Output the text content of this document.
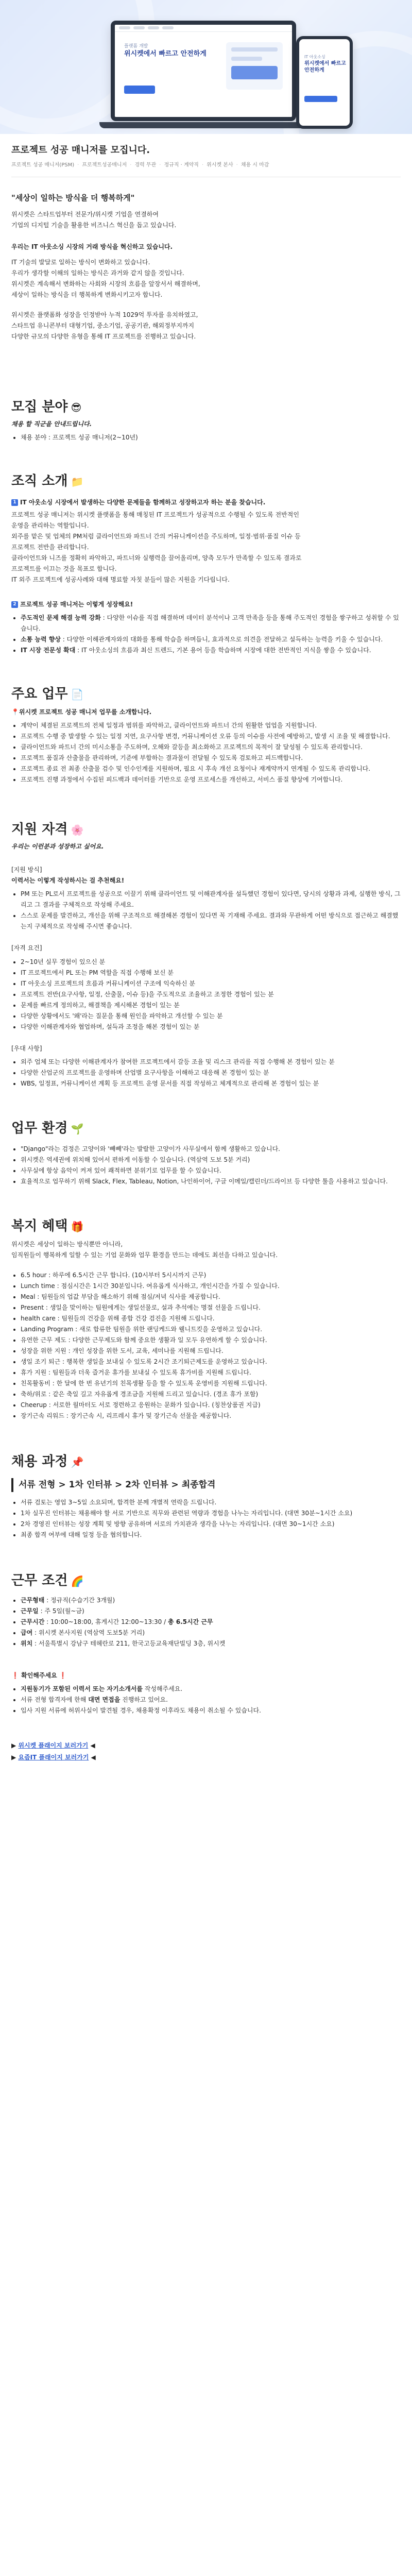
플랫폼 개발
위시켓에서 빠르고 안전하게	IT 아웃소싱
위시켓에서 빠르고 안전하게
프로젝트 성공 매니저를 모집니다.
프로젝트 성공 매니저(PSM) · 프로젝트성공매니저 · 경력 무관 · 정규직 · 계약직 · 위시켓 본사 · 채용 시 마감
"세상이 일하는 방식을 더 행복하게"
위시켓은 스타트업부터 전문가/위시캣 기업을 연결하여
기업의 디지털 기술을 활용한 비즈니스 혁신을 돕고 있습니다.

우리는 IT 아웃소싱 시장의 거래 방식을 혁신하고 있습니다.

IT 기술의 발달로 일하는 방식이 변화하고 있습니다.
우리가 생각할 이해의 일하는 방식은 과거와 같지 않을 것입니다.
위시켓은 계속해서 변화하는 사회와 시장의 흐름을 앞장서서 해결하며,
세상이 일하는 방식을 더 행복하게 변화시키고자 합니다.
위시켓은 플랫폼화 성장을 인정받아 누적 1029억 투자를 유치하였고,
스타트업 유니콘부터 대형기업, 중소기업, 공공기관, 해외정부지까지
다양한 규모의 다양한 유형을 통해 IT 프로젝트를 진행하고 있습니다.
모집 분야 😎
채용 할 직군을 안내드립니다.
• 채용 분야 : 프로젝트 성공 매니저(2~10년)
조직 소개 📁
1 IT 아웃소싱 시장에서 발생하는 다양한 문제들을 함께하고 성장하고자 하는 분을 찾습니다.
프로젝트 성공 매니저는 위시켓 플랫폼을 통해 매칭된 IT 프로젝트가 성공적으로 수행될 수 있도록 전반적인
운영을 관리하는 역할입니다.
외주를 맡은 및 업체의 PM처럼 클라이언트와 파트너 간의 커뮤니케이션을 주도하며, 일정·범위·품질 이슈 등
프로젝트 전반을 관리합니다.
클라이언트와 니즈를 정확히 파악하고, 파트너와 실행력을 끌어올리며, 양측 모두가 만족할 수 있도록 결과로
프로젝트를 이끄는 것을 목표로 합니다.
IT 외주 프로젝트에 성공사례와 대해 명료할 자칫 분들이 많은 지원을 기다립니다.
2 프로젝트 성공 매니저는 이렇게 성장해요!
• 주도적인 문제 해결 능력 강화 : 다양한 이슈를 직접 해결하며 데이터 분석이나 고객 만족을 등을 통해 주도적인 경험을 쌓구하고 성취할 수 있습니다.
• 소통 능력 향상 : 다양한 이해관계자와의 대화를 통해 학습을 하며듭니, 효과적으로 의견을 전달하고 설득하는 능력을 키울 수 있습니다.
• IT 시장 전문성 확대 : IT 아웃소싱의 흐름과 최신 트렌드, 기본 용어 등을 학습하며 시장에 대한 전반적인 지식을 쌓을 수 있습니다.
주요 업무 📄
📍위시켓 프로젝트 성공 매니저 업무를 소개합니다.
• 계약이 체결된 프로젝트의 전체 일정과 범위를 파악하고, 클라이언트와 파트너 간의 원활한 업업을 지원합니다.
• 프로젝트 수행 중 발생할 수 있는 일정 지연, 요구사항 변경, 커뮤니케이션 오류 등의 이슈를 사전에 예방하고, 발생 시 조율 및 해결합니다.
• 클라이언트와 파트너 간의 미시소통을 주도하며, 오해와 갈등을 최소화하고 프로젝트의 목적이 잘 달성될 수 있도록 관리합니다.
• 프로젝트 품질과 산출물을 관리하며, 기준에 부합하는 결과물이 전달될 수 있도록 검토하고 피드백합니다.
• 프로젝트 종료 전 최종 산출물 검수 및 인수인계를 지원하며, 필요 시 후속 개선 요청이나 재계약까지 연계될 수 있도록 관리합니다.
• 프로젝트 진행 과정에서 수집된 피드백과 데이터를 기반으로 운영 프로세스를 개선하고, 서비스 품질 향상에 기여합니다.
지원 자격 🌸
우리는 이런분과 성장하고 싶어요.
[지원 방식]
이력서는 이렇게 작성하시는 걸 추천해요!
• PM 또는 PL로서 프로젝트를 성공으로 이끌기 위해 클라이언트 및 이해관계자를 설득했던 경험이 있다면, 당시의 상황과 과제, 실행한 방식, 그리고 그 결과를 구체적으로 작성해 주세요.
• 스스로 문제를 발견하고, 개선을 위해 구조적으로 해결해본 경험이 있다면 꼭 기재해 주세요. 결과와 무관하게 어떤 방식으로 접근하고 해결했는지 구체적으로 작성해 주시면 좋습니다.
[자격 요건]
• 2~10년 실무 경험이 있으신 분
• IT 프로젝트에서 PL 또는 PM 역할을 직접 수행해 보신 분
• IT 아웃소싱 프로젝트의 흐름과 커뮤니케이션 구조에 익숙하신 분
• 프로젝트 전반(요구사항, 일정, 산출물, 이슈 등)을 주도적으로 조율하고 조정한 경험이 있는 분
• 문제를 빠르게 정의하고, 해결책을 제시해본 경험이 있는 분
• 다양한 상황에서도 '왜'라는 질문을 통해 원인을 파악하고 개선할 수 있는 분
• 다양한 이해관계자와 협업하며, 설득과 조정을 해본 경험이 있는 분
[우대 사항]
• 외주 업체 또는 다양한 이해관계자가 참여한 프로젝트에서 갈등 조율 및 리스크 관리를 직접 수행해 본 경험이 있는 분
• 다양한 산업군의 프로젝트를 운영하며 산업별 요구사항을 이해하고 대응해 본 경험이 있는 분
• WBS, 일정표, 커뮤니케이션 계획 등 프로젝트 운영 문서를 직접 작성하고 체계적으로 관리해 본 경험이 있는 분
업무 환경 🌱
• "Django"라는 검정은 고양이와 '빼빼'라는 발랄한 고양이가 사무실에서 함께 생활하고 있습니다.
• 위시켓은 역세권에 위치해 있어서 편하게 이동할 수 있습니다. (역삼역 도보 5분 거리)
• 사무실에 항상 음악이 켜져 있어 쾌적하면 분위기로 업무를 할 수 있습니다.
• 효율적으로 업무하기 위해 Slack, Flex, Tableau, Notion, 나인하이어, 구글 이메일/캘린더/드라이브 등 다양한 툴을 사용하고 있습니다.
복지 혜택 🎁
위시켓은 세상이 일하는 방식뿐만 아니라,
임직원들이 행복하게 일할 수 있는 기업 문화와 업무 환경을 만드는 데에도 최선을 다하고 있습니다.
• 6.5 hour : 하루에 6.5시간 근무 합니다. (10시부터 5시시까지 근무)
• Lunch time : 점심시간은 1시간 30분입니다. 여유롭게 식사하고, 개인시간을 가질 수 있습니다.
• Meal : 팀원들의 업값 부담을 해소하기 위해 점심/저녁 식사를 제공합니다.
• Present : 생일을 맞이하는 팀원에게는 생일선물로, 설과 추석에는 명절 선물을 드립니다.
• health care : 팀원들의 건강을 위해 종합 건강 검진을 지원해 드립니다.
• Landing Program : 새로 합류한 팀원을 위한 랜딩케드와 웰니트킷을 운영하고 있습니다.
• 유연한 근무 제도 : 다양한 근무제도와 함께 중요한 생활과 일 모두 유연하게 할 수 있습니다.
• 성장을 위한 지원 : 개인 성장을 위한 도서, 교육, 세미나를 지원해 드립니다.
• 생일 조기 퇴근 : 행복한 생일을 보내실 수 있도록 2시간 조기퇴근제도를 운영하고 있습니다.
• 휴가 지원 : 팀원들과 더욱 즐거운 휴가를 보내실 수 있도록 휴가비를 지원해 드립니다.
• 친목활동비 : 한 달에 한 번 유년기의 친목생활 등을 할 수 있도록 운영비를 지원해 드립니다.
• 축하/위로 : 같은 축일 길고 자유롭게 경조금을 지원해 드리고 있습니다. (경조 휴가 포함)
• Cheerup : 서로한 월마터도 서로 정련하고 응원하는 문화가 있습니다. (칭찬상품권 지급)
• 장기근속 리워드 : 장기근속 시, 리프레시 휴가 및 장기근속 선물을 제공합니다.
채용 과정 📌
서류 전형 > 1차 인터뷰 > 2차 인터뷰 > 최종합격
• 서류 검토는 영업 3~5일 소요되며, 합격한 분께 개별적 연락을 드립니다.
• 1차 실무진 인터뷰는 채용해야 할 서로 기반으로 직무와 관련된 역량과 경험을 나누는 자리입니다. (대면 30분~1시간 소요)
• 2차 경영진 인터뷰는 성장 계획 및 방향 공유하며 서로의 가치관과 생각을 나누는 자리입니다. (대면 30~1시간 소요)
• 최종 합격 여부에 대해 일정 등을 협의합니다.
근무 조건 🌈
• 근무형태 : 정규직(수습기간 3개월)
• 근무일 : 주 5일(월~금)
• 근무시간 : 10:00~18:00, 휴게시간 12:00~13:30 / 총 6.5시간 근무
• 급여 : 위시켓 본사지원 (역삼역 도보5분 거리)
• 위치 : 서울특별시 강남구 테헤란로 211, 한국고등교육재단빌딩 3층, 위시켓
❗ 확인해주세요 ❗
• 지원동기가 포함된 이력서 또는 자기소개서를 작성해주세요.
• 서류 전형 합격자에 한해 대면 면접을 진행하고 있어요.
• 입사 지원 서류에 허위사실이 발견될 경우, 채용확정 이후라도 채용이 취소될 수 있습니다.
▶ 위시켓 플래이지 보러가기 ◀
▶ 요즘IT 플래이지 보러가기 ◀
